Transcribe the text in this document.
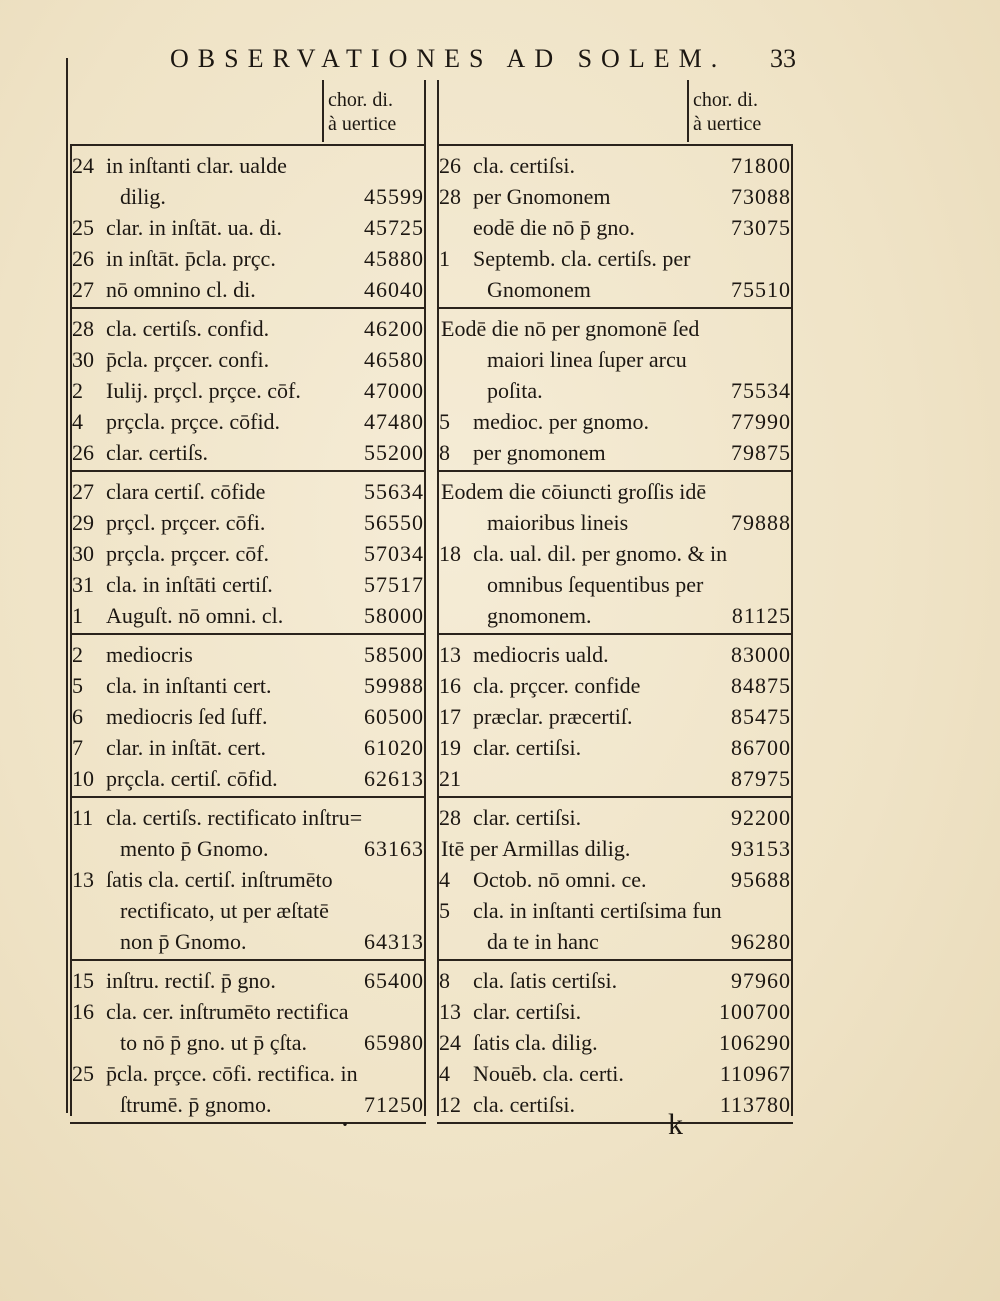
OBSERVATIONES AD SOLEM. 33
chor. di.
à uertice
24 in inſtanti clar. ualde
dilig.	45599
25 clar. in inſtāt. ua. di.	45725
26 in inſtāt. p̄cla. prçc.	45880
27 nō omnino cl. di.	46040
28 cla. certiſs. confid.	46200
30 p̄cla. prçcer. confi.	46580
2	Iulij. prçcl. prçce. cōf.	47000
4	prçcla. prçce. cōfid.	47480
26 clar. certiſs.	55200
27 clara certiſ. cōfide	55634
29 prçcl. prçcer. cōfi.	56550
30 prçcla. prçcer. cōf.	57034
31 cla. in inſtāti certiſ.	57517
1	Auguſt. nō omni. cl.	58000
2	mediocris	58500
5	cla. in inſtanti cert.	59988
6	mediocris ſed ſuff.	60500
7	clar. in inſtāt. cert.	61020
10 prçcla. certiſ. cōfid.	62613
11 cla. certiſs. rectificato inſtru=
mento p̄ Gnomo.	63163
13 ſatis cla. certiſ. inſtrumēto
rectificato, ut per æſtatē
non p̄ Gnomo.	64313
15 inſtru. rectiſ. p̄ gno.	65400
16 cla. cer. inſtrumēto rectifica
to nō p̄ gno. ut p̄ çſta.	65980
25 p̄cla. prçce. cōfi. rectifica. in
ſtrumē. p̄ gnomo.	71250
chor. di.
à uertice
26 cla. certiſsi.	71800
28 per Gnomonem	73088
eodē die nō p̄ gno.	73075
1	Septemb. cla. certiſs. per
Gnomonem	75510
Eodē die nō per gnomonē ſed
maiori linea ſuper arcu
poſita.	75534
5	medioc. per gnomo.	77990
8	per gnomonem	79875
Eodem die cōiuncti groſſis idē
maioribus lineis	79888
18 cla. ual. dil. per gnomo. & in
omnibus ſequentibus per
gnomonem.	81125
13 mediocris uald.	83000
16 cla. prçcer. confide	84875
17 præclar. præcertiſ.	85475
19 clar. certiſsi.	86700
21	87975
28 clar. certiſsi.	92200
Itē per Armillas dilig.	93153
4	Octob. nō omni. ce.	95688
5	cla. in inſtanti certiſsima fun
da te in hanc	96280
8	cla. ſatis certiſsi.	97960
13 clar. certiſsi.	100700
24 ſatis cla. dilig.	106290
4	Nouēb. cla. certi.	110967
12 cla. certiſsi.	113780
·	k
